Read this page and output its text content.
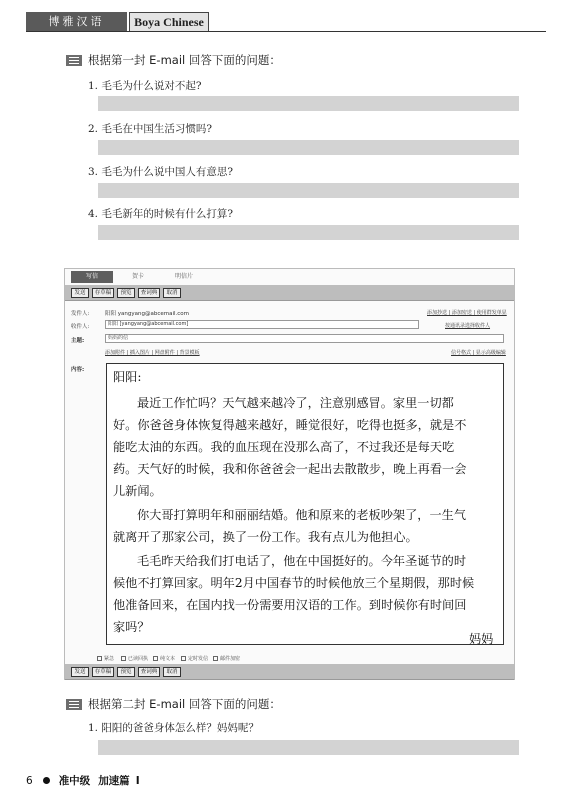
博雅汉语	Boya Chinese
根据第一封 E-mail 回答下面的问题：
1. 毛毛为什么说对不起?
2. 毛毛在中国生活习惯吗?
3. 毛毛为什么说中国人有意思?
4. 毛毛新年的时候有什么打算?
写信	贺卡	明信片
发送	存草稿	预览	查词典	取消
发件人:	阳阳 yangyang@abcemail.com	添加抄送 | 添加密送 | 使用群发单显
收件人:	阳阳 [yangyang@abcemail.com]	按通讯录选择收件人
主题:	妈妈的信
添加附件 | 插入图片 | 网盘附件 | 背景模板	信号格式 | 显示高级编辑
内容: 阳阳:

最近工作忙吗？天气越来越冷了，注意别感冒。家里一切都

好。你爸爸身体恢复得越来越好，睡觉很好，吃得也挺多，就是不

能吃太油的东西。我的血压现在没那么高了，不过我还是每天吃

药。天气好的时候，我和你爸爸会一起出去散散步，晚上再看一会

儿新闻。

你大哥打算明年和丽丽结婚。他和原来的老板吵架了，一生气

就离开了那家公司，换了一份工作。我有点儿为他担心。

毛毛昨天给我们打电话了，他在中国挺好的。今年圣诞节的时

候他不打算回家。明年2月中国春节的时候他放三个星期假，那时候

他准备回来，在国内找一份需要用汉语的工作。到时候你有时间回

家吗？

妈妈

紧急	已读回执 纯文本	定时发信 邮件加密
发送	存草稿	预览	查词典	取消
根据第二封 E-mail 回答下面的问题：
1. 阳阳的爸爸身体怎么样？妈妈呢？
6 准中级 加速篇 I
